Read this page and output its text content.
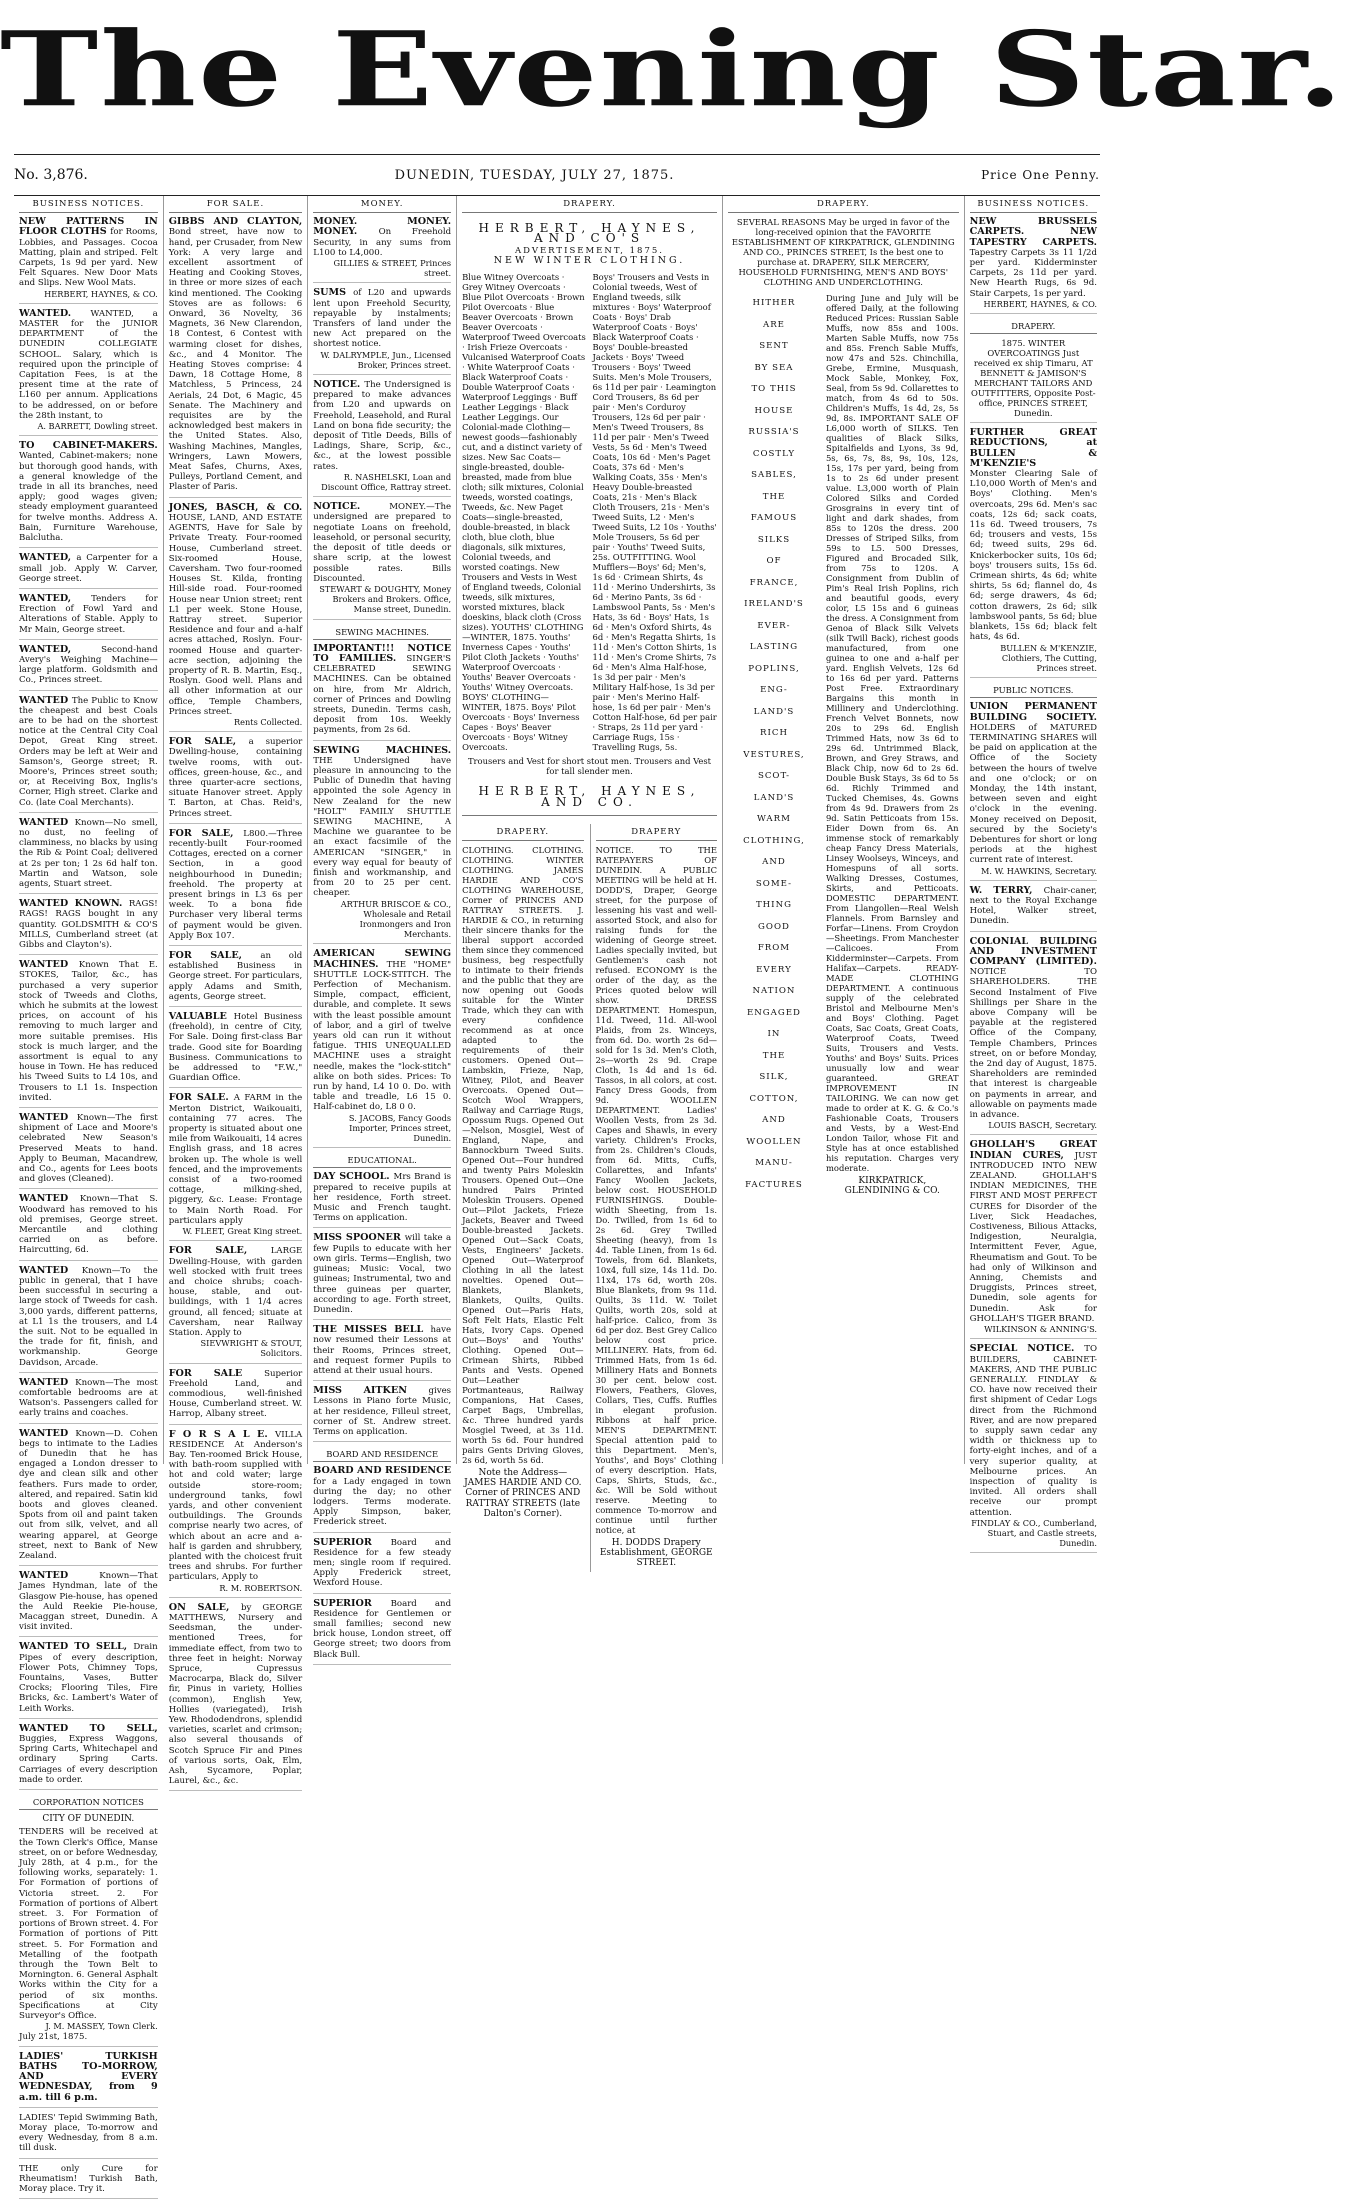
The Evening Star.
No. 3,876.	DUNEDIN, TUESDAY, JULY 27, 1875.	Price One Penny.
BUSINESS NOTICES.
NEW PATTERNS IN FLOOR CLOTHS for Rooms, Lobbies, and Passages. Cocoa Matting, plain and striped. Felt Carpets, 1s 9d per yard. New Felt Squares. New Door Mats and Slips. New Wool Mats.
HERBERT, HAYNES, & CO.
WANTED. WANTED, a MASTER for the JUNIOR DEPARTMENT of the DUNEDIN COLLEGIATE SCHOOL. Salary, which is required upon the principle of Capitation Fees, is at the present time at the rate of L160 per annum. Applications to be addressed, on or before the 28th instant, to
A. BARRETT, Dowling street.
TO CABINET-MAKERS. Wanted, Cabinet-makers; none but thorough good hands, with a general knowledge of the trade in all its branches, need apply; good wages given; steady employment guaranteed for twelve months. Address A. Bain, Furniture Warehouse, Balclutha.
WANTED, a Carpenter for a small job. Apply W. Carver, George street.
WANTED, Tenders for Erection of Fowl Yard and Alterations of Stable. Apply to Mr Main, George street.
WANTED, Second-hand Avery's Weighing Machine—large platform. Goldsmith and Co., Princes street.
WANTED The Public to Know the cheapest and best Coals are to be had on the shortest notice at the Central City Coal Depot, Great King street. Orders may be left at Weir and Samson's, George street; R. Moore's, Princes street south; or, at Receiving Box, Inglis's Corner, High street. Clarke and Co. (late Coal Merchants).
WANTED Known—No smell, no dust, no feeling of clamminess, no blacks by using the Rib & Point Coal; delivered at 2s per ton; 1 2s 6d half ton. Martin and Watson, sole agents, Stuart street.
WANTED KNOWN. RAGS! RAGS! RAGS bought in any quantity. GOLDSMITH & CO'S MILLS, Cumberland street (at Gibbs and Clayton's).
WANTED Known That E. STOKES, Tailor, &c., has purchased a very superior stock of Tweeds and Cloths, which he submits at the lowest prices, on account of his removing to much larger and more suitable premises. His stock is much larger, and the assortment is equal to any house in Town. He has reduced his Tweed Suits to L4 10s, and Trousers to L1 1s. Inspection invited.
WANTED Known—The first shipment of Lace and Moore's celebrated New Season's Preserved Meats to hand. Apply to Beuman, Macandrew, and Co., agents for Lees boots and gloves (Cleaned).
WANTED Known—That S. Woodward has removed to his old premises, George street. Mercantile and clothing carried on as before. Haircutting, 6d.
WANTED Known—To the public in general, that I have been successful in securing a large stock of Tweeds for cash. 3,000 yards, different patterns, at L1 1s the trousers, and L4 the suit. Not to be equalled in the trade for fit, finish, and workmanship. George Davidson, Arcade.
WANTED Known—The most comfortable bedrooms are at Watson's. Passengers called for early trains and coaches.
WANTED Known—D. Cohen begs to intimate to the Ladies of Dunedin that he has engaged a London dresser to dye and clean silk and other feathers. Furs made to order, altered, and repaired. Satin kid boots and gloves cleaned. Spots from oil and paint taken out from silk, velvet, and all wearing apparel, at George street, next to Bank of New Zealand.
WANTED Known—That James Hyndman, late of the Glasgow Pie-house, has opened the Auld Reekie Pie-house, Macaggan street, Dunedin. A visit invited.
WANTED TO SELL, Drain Pipes of every description, Flower Pots, Chimney Tops, Fountains, Vases, Butter Crocks; Flooring Tiles, Fire Bricks, &c. Lambert's Water of Leith Works.
WANTED TO SELL, Buggies, Express Waggons, Spring Carts, Whitechapel and ordinary Spring Carts. Carriages of every description made to order.
CORPORATION NOTICES
CITY OF DUNEDIN.
TENDERS will be received at the Town Clerk's Office, Manse street, on or before Wednesday, July 28th, at 4 p.m., for the following works, separately: 1. For Formation of portions of Victoria street. 2. For Formation of portions of Albert street. 3. For Formation of portions of Brown street. 4. For Formation of portions of Pitt street. 5. For Formation and Metalling of the footpath through the Town Belt to Mornington. 6. General Asphalt Works within the City for a period of six months. Specifications at City Surveyor's Office.
J. M. MASSEY, Town Clerk.
July 21st, 1875.
LADIES' TURKISH BATHS TO-MORROW, AND EVERY WEDNESDAY, from 9 a.m. till 6 p.m.
LADIES' Tepid Swimming Bath, Moray place, To-morrow and every Wednesday, from 8 a.m. till dusk.
THE only Cure for Rheumatism! Turkish Bath, Moray place. Try it.
FOR SALE.
GIBBS AND CLAYTON, Bond street, have now to hand, per Crusader, from New York: A very large and excellent assortment of Heating and Cooking Stoves, in three or more sizes of each kind mentioned. The Cooking Stoves are as follows: 6 Onward, 36 Novelty, 36 Magnets, 36 New Clarendon, 18 Contest, 6 Contest with warming closet for dishes, &c., and 4 Monitor. The Heating Stoves comprise: 4 Dawn, 18 Cottage Home, 8 Matchless, 5 Princess, 24 Aerials, 24 Dot, 6 Magic, 45 Senate. The Machinery and requisites are by the acknowledged best makers in the United States. Also, Washing Machines, Mangles, Wringers, Lawn Mowers, Meat Safes, Churns, Axes, Pulleys, Portland Cement, and Plaster of Paris.
JONES, BASCH, & CO. HOUSE, LAND, AND ESTATE AGENTS, Have for Sale by Private Treaty. Four-roomed House, Cumberland street. Six-roomed House, Caversham. Two four-roomed Houses St. Kilda, fronting Hill-side road. Four-roomed House near Union street; rent L1 per week. Stone House, Rattray street. Superior Residence and four and a-half acres attached, Roslyn. Four-roomed House and quarter-acre section, adjoining the property of R. B. Martin, Esq., Roslyn. Good well. Plans and all other information at our office, Temple Chambers, Princes street.
Rents Collected.
FOR SALE, a superior Dwelling-house, containing twelve rooms, with out-offices, green-house, &c., and three quarter-acre sections, situate Hanover street. Apply T. Barton, at Chas. Reid's, Princes street.
FOR SALE, L800.—Three recently-built Four-roomed Cottages, erected on a corner Section, in a good neighbourhood in Dunedin; freehold. The property at present brings in L3 6s per week. To a bona fide Purchaser very liberal terms of payment would be given. Apply Box 107.
FOR SALE, an old established Business in George street. For particulars, apply Adams and Smith, agents, George street.
VALUABLE Hotel Business (freehold), in centre of City, For Sale. Doing first-class Bar trade. Good site for Boarding Business. Communications to be addressed to "F.W.," Guardian Office.
FOR SALE. A FARM in the Merton District, Waikouaiti, containing 77 acres. The property is situated about one mile from Waikouaiti, 14 acres English grass, and 18 acres broken up. The whole is well fenced, and the improvements consist of a two-roomed cottage, milking-shed, piggery, &c. Lease: Frontage to Main North Road. For particulars apply
W. FLEET, Great King street.
FOR SALE, LARGE Dwelling-House, with garden well stocked with fruit trees and choice shrubs; coach-house, stable, and out-buildings, with 1 1/4 acres ground, all fenced; situate at Caversham, near Railway Station. Apply to
SIEVWRIGHT & STOUT, Solicitors.
FOR SALE Superior Freehold Land, and commodious, well-finished House, Cumberland street. W. Harrop, Albany street.
F O R S A L E. VILLA RESIDENCE At Anderson's Bay. Ten-roomed Brick House, with bath-room supplied with hot and cold water; large outside store-room; underground tanks, fowl yards, and other convenient outbuildings. The Grounds comprise nearly two acres, of which about an acre and a-half is garden and shrubbery, planted with the choicest fruit trees and shrubs. For further particulars, Apply to
R. M. ROBERTSON.
ON SALE, by GEORGE MATTHEWS, Nursery and Seedsman, the under-mentioned Trees, for immediate effect, from two to three feet in height: Norway Spruce, Cupressus Macrocarpa, Black do, Silver fir, Pinus in variety, Hollies (common), English Yew, Hollies (variegated), Irish Yew. Rhododendrons, splendid varieties, scarlet and crimson; also several thousands of Scotch Spruce Fir and Pines of various sorts, Oak, Elm, Ash, Sycamore, Poplar, Laurel, &c., &c.
MONEY.
MONEY. MONEY. MONEY. On Freehold Security, in any sums from L100 to L4,000.
GILLIES & STREET, Princes street.
SUMS of L20 and upwards lent upon Freehold Security, repayable by instalments; Transfers of land under the new Act prepared on the shortest notice.
W. DALRYMPLE, Jun., Licensed Broker, Princes street.
NOTICE. The Undersigned is prepared to make advances from L20 and upwards on Freehold, Leasehold, and Rural Land on bona fide security; the deposit of Title Deeds, Bills of Ladings, Share, Scrip, &c., &c., at the lowest possible rates.
R. NASHELSKI, Loan and Discount Office, Rattray street.
NOTICE. MONEY.—The undersigned are prepared to negotiate Loans on freehold, leasehold, or personal security, the deposit of title deeds or share scrip, at the lowest possible rates. Bills Discounted.
STEWART & DOUGHTY, Money Brokers and Brokers. Office, Manse street, Dunedin.
SEWING MACHINES.
IMPORTANT!!! NOTICE TO FAMILIES. SINGER'S CELEBRATED SEWING MACHINES. Can be obtained on hire, from Mr Aldrich, corner of Princes and Dowling streets, Dunedin. Terms cash, deposit from 10s. Weekly payments, from 2s 6d.
SEWING MACHINES. THE Undersigned have pleasure in announcing to the Public of Dunedin that having appointed the sole Agency in New Zealand for the new "HOLT" FAMILY SHUTTLE SEWING MACHINE, A Machine we guarantee to be an exact facsimile of the AMERICAN "SINGER," in every way equal for beauty of finish and workmanship, and from 20 to 25 per cent. cheaper.
ARTHUR BRISCOE & CO., Wholesale and Retail Ironmongers and Iron Merchants.
AMERICAN SEWING MACHINES. THE "HOME" SHUTTLE LOCK-STITCH. The Perfection of Mechanism. Simple, compact, efficient, durable, and complete. It sews with the least possible amount of labor, and a girl of twelve years old can run it without fatigue. THIS UNEQUALLED MACHINE uses a straight needle, makes the "lock-stitch" alike on both sides. Prices: To run by hand, L4 10 0. Do. with table and treadle, L6 15 0. Half-cabinet do, L8 0 0.
S. JACOBS, Fancy Goods Importer, Princes street, Dunedin.
EDUCATIONAL.
DAY SCHOOL. Mrs Brand is prepared to receive pupils at her residence, Forth street. Music and French taught. Terms on application.
MISS SPOONER will take a few Pupils to educate with her own girls. Terms—English, two guineas; Music: Vocal, two guineas; Instrumental, two and three guineas per quarter, according to age. Forth street, Dunedin.
THE MISSES BELL have now resumed their Lessons at their Rooms, Princes street, and request former Pupils to attend at their usual hours.
MISS AITKEN gives Lessons in Piano forte Music, at her residence, Filleul street, corner of St. Andrew street. Terms on application.
BOARD AND RESIDENCE
BOARD AND RESIDENCE for a Lady engaged in town during the day; no other lodgers. Terms moderate. Apply Simpson, baker, Frederick street.
SUPERIOR Board and Residence for a few steady men; single room if required. Apply Frederick street, Wexford House.
SUPERIOR Board and Residence for Gentlemen or small families; second new brick house, London street, off George street; two doors from Black Bull.
DRAPERY.
HERBERT, HAYNES, AND CO'S
ADVERTISEMENT, 1875.
NEW WINTER CLOTHING.
Blue Witney Overcoats · Grey Witney Overcoats · Blue Pilot Overcoats · Brown Pilot Overcoats · Blue Beaver Overcoats · Brown Beaver Overcoats · Waterproof Tweed Overcoats · Irish Frieze Overcoats · Vulcanised Waterproof Coats · White Waterproof Coats · Black Waterproof Coats · Double Waterproof Coats · Waterproof Leggings · Buff Leather Leggings · Black Leather Leggings. Our Colonial-made Clothing—newest goods—fashionably cut, and a distinct variety of sizes. New Sac Coats—single-breasted, double-breasted, made from blue cloth; silk mixtures, Colonial tweeds, worsted coatings, Tweeds, &c. New Paget Coats—single-breasted, double-breasted, in black cloth, blue cloth, blue diagonals, silk mixtures, Colonial tweeds, and worsted coatings. New Trousers and Vests in West of England tweeds, Colonial tweeds, silk mixtures, worsted mixtures, black doeskins, black cloth (Cross sizes). YOUTHS' CLOTHING—WINTER, 1875. Youths' Inverness Capes · Youths' Pilot Cloth Jackets · Youths' Waterproof Overcoats · Youths' Beaver Overcoats · Youths' Witney Overcoats. BOYS' CLOTHING—WINTER, 1875. Boys' Pilot Overcoats · Boys' Inverness Capes · Boys' Beaver Overcoats · Boys' Witney Overcoats.
Boys' Trousers and Vests in Colonial tweeds, West of England tweeds, silk mixtures · Boys' Waterproof Coats · Boys' Drab Waterproof Coats · Boys' Black Waterproof Coats · Boys' Double-breasted Jackets · Boys' Tweed Trousers · Boys' Tweed Suits. Men's Mole Trousers, 6s 11d per pair · Leamington Cord Trousers, 8s 6d per pair · Men's Corduroy Trousers, 12s 6d per pair · Men's Tweed Trousers, 8s 11d per pair · Men's Tweed Vests, 5s 6d · Men's Tweed Coats, 10s 6d · Men's Paget Coats, 37s 6d · Men's Walking Coats, 35s · Men's Heavy Double-breasted Coats, 21s · Men's Black Cloth Trousers, 21s · Men's Tweed Suits, L2 · Men's Tweed Suits, L2 10s · Youths' Mole Trousers, 5s 6d per pair · Youths' Tweed Suits, 25s. OUTFITTING. Wool Mufflers—Boys' 6d; Men's, 1s 6d · Crimean Shirts, 4s 11d · Merino Undershirts, 3s 6d · Merino Pants, 3s 6d · Lambswool Pants, 5s · Men's Hats, 3s 6d · Boys' Hats, 1s 6d · Men's Oxford Shirts, 4s 6d · Men's Regatta Shirts, 1s 11d · Men's Cotton Shirts, 1s 11d · Men's Crome Shirts, 7s 6d · Men's Alma Half-hose, 1s 3d per pair · Men's Military Half-hose, 1s 3d per pair · Men's Merino Half-hose, 1s 6d per pair · Men's Cotton Half-hose, 6d per pair · Straps, 2s 11d per yard · Carriage Rugs, 15s · Travelling Rugs, 5s.
Trousers and Vest for short stout men. Trousers and Vest for tall slender men.
HERBERT, HAYNES, AND CO.
DRAPERY.
CLOTHING. CLOTHING. CLOTHING. WINTER CLOTHING. JAMES HARDIE AND CO'S CLOTHING WAREHOUSE, Corner of PRINCES AND RATTRAY STREETS. J. HARDIE & CO., in returning their sincere thanks for the liberal support accorded them since they commenced business, beg respectfully to intimate to their friends and the public that they are now opening out Goods suitable for the Winter Trade, which they can with every confidence recommend as at once adapted to the requirements of their customers. Opened Out—Lambskin, Frieze, Nap, Witney, Pilot, and Beaver Overcoats. Opened Out—Scotch Wool Wrappers, Railway and Carriage Rugs, Opossum Rugs. Opened Out—Nelson, Mosgiel, West of England, Nape, and Bannockburn Tweed Suits. Opened Out—Four hundred and twenty Pairs Moleskin Trousers. Opened Out—One hundred Pairs Printed Moleskin Trousers. Opened Out—Pilot Jackets, Frieze Jackets, Beaver and Tweed Double-breasted Jackets. Opened Out—Sack Coats, Vests, Engineers' Jackets. Opened Out—Waterproof Clothing in all the latest novelties. Opened Out—Blankets, Blankets, Blankets, Quilts, Quilts. Opened Out—Paris Hats, Soft Felt Hats, Elastic Felt Hats, Ivory Caps. Opened Out—Boys' and Youths' Clothing. Opened Out—Crimean Shirts, Ribbed Pants and Vests. Opened Out—Leather Portmanteaus, Railway Companions, Hat Cases, Carpet Bags, Umbrellas, &c. Three hundred yards Mosgiel Tweed, at 3s 11d. worth 5s 6d. Four hundred pairs Gents Driving Gloves, 2s 6d, worth 5s 6d.
Note the Address— JAMES HARDIE AND CO. Corner of PRINCES AND RATTRAY STREETS (late Dalton's Corner).
DRAPERY
NOTICE. TO THE RATEPAYERS OF DUNEDIN. A PUBLIC MEETING will be held at H. DODD'S, Draper, George street, for the purpose of lessening his vast and well-assorted Stock, and also for raising funds for the widening of George street. Ladies specially invited, but Gentlemen's cash not refused. ECONOMY is the order of the day, as the Prices quoted below will show. DRESS DEPARTMENT. Homespun, 11d. Tweed, 11d. All-wool Plaids, from 2s. Winceys, from 6d. Do. worth 2s 6d—sold for 1s 3d. Men's Cloth, 2s—worth 2s 9d. Crape Cloth, 1s 4d and 1s 6d. Tassos, in all colors, at cost. Fancy Dress Goods, from 9d. WOOLLEN DEPARTMENT. Ladies' Woollen Vests, from 2s 3d. Capes and Shawls, in every variety. Children's Frocks, from 2s. Children's Clouds, from 6d. Mitts, Cuffs, Collarettes, and Infants' Fancy Woollen Jackets, below cost. HOUSEHOLD FURNISHINGS. Double-width Sheeting, from 1s. Do. Twilled, from 1s 6d to 2s 6d. Grey Twilled Sheeting (heavy), from 1s 4d. Table Linen, from 1s 6d. Towels, from 6d. Blankets, 10x4, full size, 14s 11d. Do. 11x4, 17s 6d, worth 20s. Blue Blankets, from 9s 11d. Quilts, 3s 11d. W. Toilet Quilts, worth 20s, sold at half-price. Calico, from 3s 6d per doz. Best Grey Calico below cost price. MILLINERY. Hats, from 6d. Trimmed Hats, from 1s 6d. Millinery Hats and Bonnets 30 per cent. below cost. Flowers, Feathers, Gloves, Collars, Ties, Cuffs. Ruffles in elegant profusion. Ribbons at half price. MEN'S DEPARTMENT. Special attention paid to this Department. Men's, Youths', and Boys' Clothing of every description. Hats, Caps, Shirts, Studs, &c., &c. Will be Sold without reserve. Meeting to commence To-morrow and continue until further notice, at
H. DODDS Drapery Establishment, GEORGE STREET.
DRAPERY.
SEVERAL REASONS May be urged in favor of the long-received opinion that the FAVORITE ESTABLISHMENT OF KIRKPATRICK, GLENDINING AND CO., PRINCES STREET, Is the best one to purchase at. DRAPERY, SILK MERCERY, HOUSEHOLD FURNISHING, MEN'S AND BOYS' CLOTHING AND UNDERCLOTHING.
HITHER
ARE
SENT
BY SEA
TO THIS
HOUSE
RUSSIA'S
COSTLY
SABLES,
THE
FAMOUS
SILKS
OF
FRANCE,
IRELAND'S
EVER-
LASTING
POPLINS,
ENG-
LAND'S
RICH
VESTURES,
SCOT-
LAND'S
WARM
CLOTHING,
AND
SOME-
THING
GOOD
FROM
EVERY
NATION
ENGAGED
IN
THE
SILK,
COTTON,
AND
WOOLLEN
MANU-
FACTURES
During June and July will be offered Daily, at the following Reduced Prices: Russian Sable Muffs, now 85s and 100s. Marten Sable Muffs, now 75s and 85s. French Sable Muffs, now 47s and 52s. Chinchilla, Grebe, Ermine, Musquash, Mock Sable, Monkey, Fox, Seal, from 5s 9d. Collarettes to match, from 4s 6d to 50s. Children's Muffs, 1s 4d, 2s, 5s 9d, 8s. IMPORTANT SALE OF L6,000 worth of SILKS. Ten qualities of Black Silks, Spitalfields and Lyons, 3s 9d, 5s, 6s, 7s, 8s, 9s, 10s, 12s, 15s, 17s per yard, being from 1s to 2s 6d under present value. L3,000 worth of Plain Colored Silks and Corded Grosgrains in every tint of light and dark shades, from 85s to 120s the dress. 200 Dresses of Striped Silks, from 59s to L5. 500 Dresses, Figured and Brocaded Silk, from 75s to 120s. A Consignment from Dublin of Pim's Real Irish Poplins, rich and beautiful goods, every color, L5 15s and 6 guineas the dress. A Consignment from Genoa of Black Silk Velvets (silk Twill Back), richest goods manufactured, from one guinea to one and a-half per yard. English Velvets, 12s 6d to 16s 6d per yard. Patterns Post Free. Extraordinary Bargains this month in Millinery and Underclothing. French Velvet Bonnets, now 20s to 29s 6d. English Trimmed Hats, now 3s 6d to 29s 6d. Untrimmed Black, Brown, and Grey Straws, and Black Chip, now 6d to 2s 6d. Double Busk Stays, 3s 6d to 5s 6d. Richly Trimmed and Tucked Chemises, 4s. Gowns from 4s 9d. Drawers from 2s 9d. Satin Petticoats from 15s. Eider Down from 6s. An immense stock of remarkably cheap Fancy Dress Materials, Linsey Woolseys, Winceys, and Homespuns of all sorts. Walking Dresses, Costumes, Skirts, and Petticoats. DOMESTIC DEPARTMENT. From Llangollen—Real Welsh Flannels. From Barnsley and Forfar—Linens. From Croydon—Sheetings. From Manchester—Calicoes. From Kidderminster—Carpets. From Halifax—Carpets. READY-MADE CLOTHING DEPARTMENT. A continuous supply of the celebrated Bristol and Melbourne Men's and Boys' Clothing. Paget Coats, Sac Coats, Great Coats, Waterproof Coats, Tweed Suits, Trousers and Vests. Youths' and Boys' Suits. Prices unusually low and wear guaranteed. GREAT IMPROVEMENT IN TAILORING. We can now get made to order at K. G. & Co.'s Fashionable Coats, Trousers and Vests, by a West-End London Tailor, whose Fit and Style has at once established his reputation. Charges very moderate.
KIRKPATRICK, GLENDINING & CO.
BUSINESS NOTICES.
NEW BRUSSELS CARPETS. NEW TAPESTRY CARPETS. Tapestry Carpets 3s 11 1/2d per yard. Kidderminster Carpets, 2s 11d per yard. New Hearth Rugs, 6s 9d. Stair Carpets, 1s per yard.
HERBERT, HAYNES, & CO.
DRAPERY.
1875. WINTER OVERCOATINGS Just received ex ship Timaru, AT BENNETT & JAMISON'S MERCHANT TAILORS AND OUTFITTERS, Opposite Post-office, PRINCES STREET, Dunedin.
FURTHER GREAT REDUCTIONS, at BULLEN & M'KENZIE'S
Monster Clearing Sale of L10,000 Worth of Men's and Boys' Clothing. Men's overcoats, 29s 6d. Men's sac coats, 12s 6d; sack coats, 11s 6d. Tweed trousers, 7s 6d; trousers and vests, 15s 6d; tweed suits, 29s 6d. Knickerbocker suits, 10s 6d; boys' trousers suits, 15s 6d. Crimean shirts, 4s 6d; white shirts, 5s 6d; flannel do, 4s 6d; serge drawers, 4s 6d; cotton drawers, 2s 6d; silk lambswool pants, 5s 6d; blue blankets, 15s 6d; black felt hats, 4s 6d.
BULLEN & M'KENZIE, Clothiers, The Cutting, Princes street.
PUBLIC NOTICES.
UNION PERMANENT BUILDING SOCIETY. HOLDERS of MATURED TERMINATING SHARES will be paid on application at the Office of the Society between the hours of twelve and one o'clock; or on Monday, the 14th instant, between seven and eight o'clock in the evening. Money received on Deposit, secured by the Society's Debentures for short or long periods at the highest current rate of interest.
M. W. HAWKINS, Secretary.
W. TERRY, Chair-caner, next to the Royal Exchange Hotel, Walker street, Dunedin.
COLONIAL BUILDING AND INVESTMENT COMPANY (LIMITED). NOTICE TO SHAREHOLDERS. THE Second Instalment of Five Shillings per Share in the above Company will be payable at the registered Office of the Company, Temple Chambers, Princes street, on or before Monday, the 2nd day of August, 1875. Shareholders are reminded that interest is chargeable on payments in arrear, and allowable on payments made in advance.
LOUIS BASCH, Secretary.
GHOLLAH'S GREAT INDIAN CURES, JUST INTRODUCED INTO NEW ZEALAND. GHOLLAH'S INDIAN MEDICINES, THE FIRST AND MOST PERFECT CURES for Disorder of the Liver, Sick Headaches, Costiveness, Bilious Attacks, Indigestion, Neuralgia, Intermittent Fever, Ague, Rheumatism and Gout. To be had only of Wilkinson and Anning, Chemists and Druggists, Princes street, Dunedin, sole agents for Dunedin. Ask for GHOLLAH'S TIGER BRAND.
WILKINSON & ANNING'S.
SPECIAL NOTICE. TO BUILDERS, CABINET-MAKERS, AND THE PUBLIC GENERALLY. FINDLAY & CO. have now received their first shipment of Cedar Logs direct from the Richmond River, and are now prepared to supply sawn cedar any width or thickness up to forty-eight inches, and of a very superior quality, at Melbourne prices. An inspection of quality is invited. All orders shall receive our prompt attention.
FINDLAY & CO., Cumberland, Stuart, and Castle streets, Dunedin.
